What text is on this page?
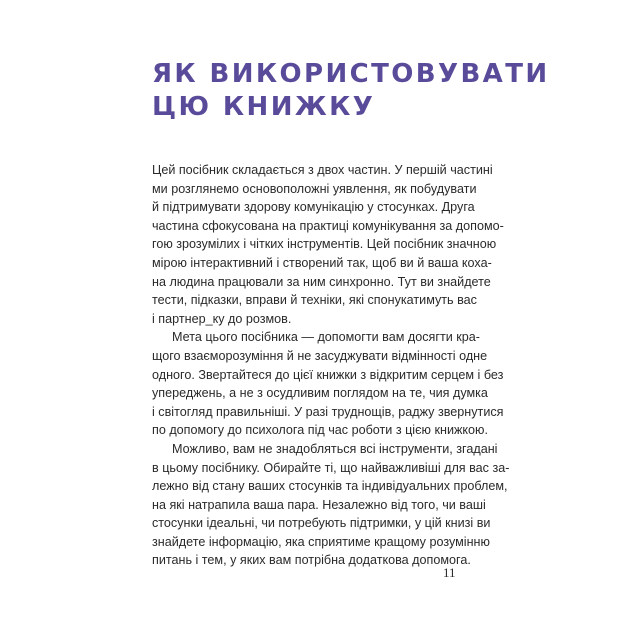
ЯК ВИКОРИСТОВУВАТИ
ЦЮ КНИЖКУ

Цей посібник складається з двох частин. У першій частині
ми розглянемо основоположні уявлення, як побудувати
й підтримувати здорову комунікацію у стосунках. Друга
частина сфокусована на практиці комунікування за допомо-
гою зрозумілих і чітких інструментів. Цей посібник значною
мірою інтерактивний і створений так, щоб ви й ваша коха-
на людина працювали за ним синхронно. Тут ви знайдете
тести, підказки, вправи й техніки, які спонукатимуть вас
і партнер_ку до розмов.

Мета цього посібника — допомогти вам досягти кра-
щого взаєморозуміння й не засуджувати відмінності одне
одного. Звертайтеся до цієї книжки з відкритим серцем і без
упереджень, а не з осудливим поглядом на те, чия думка
і світогляд правильніші. У разі труднощів, раджу звернутися
по допомогу до психолога під час роботи з цією книжкою.

Можливо, вам не знадобляться всі інструменти, згадані
в цьому посібнику. Обирайте ті, що найважливіші для вас за-
лежно від стану ваших стосунків та індивідуальних проблем,
на які натрапила ваша пара. Незалежно від того, чи ваші
стосунки ідеальні, чи потребують підтримки, у цій книзі ви
знайдете інформацію, яка сприятиме кращому розумінню
питань і тем, у яких вам потрібна додаткова допомога.

11
